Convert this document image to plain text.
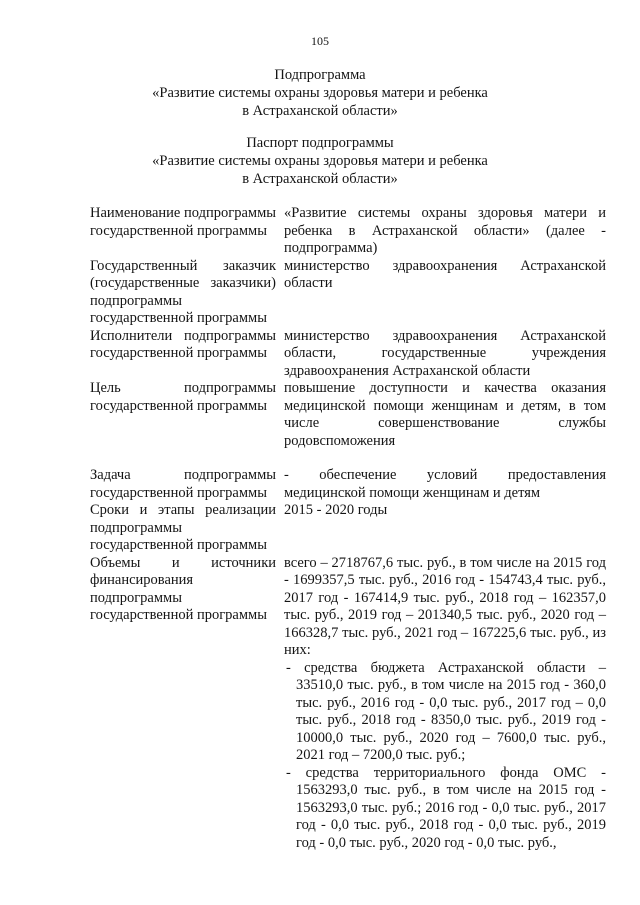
105
Подпрограмма
«Развитие системы охраны здоровья матери и ребенка
в Астраханской области»
Паспорт подпрограммы
«Развитие системы охраны здоровья матери и ребенка
в Астраханской области»
Наименование подпрограммы государственной программы
«Развитие системы охраны здоровья матери и ребенка в Астраханской области» (далее - подпрограмма)
Государственный заказчик (государственные заказчики) подпрограммы государственной программы
министерство здравоохранения Астраханской области
Исполнители подпрограммы государственной программы
министерство здравоохранения Астраханской области, государственные учреждения здравоохранения Астраханской области
Цель подпрограммы государственной программы
повышение доступности и качества оказания медицинской помощи женщинам и детям, в том числе совершенствование службы родовспоможения
Задача подпрограммы государственной программы
- обеспечение условий предоставления медицинской помощи женщинам и детям
Сроки и этапы реализации подпрограммы государственной программы
2015 - 2020 годы
Объемы и источники финансирования подпрограммы государственной программы
всего – 2718767,6 тыс. руб., в том числе на 2015 год - 1699357,5 тыс. руб., 2016 год - 154743,4 тыс. руб., 2017 год - 167414,9 тыс. руб., 2018 год – 162357,0 тыс. руб., 2019 год – 201340,5 тыс. руб., 2020 год – 166328,7 тыс. руб., 2021 год – 167225,6 тыс. руб., из них:
- средства бюджета Астраханской области – 33510,0 тыс. руб., в том числе на 2015 год - 360,0 тыс. руб., 2016 год - 0,0 тыс. руб., 2017 год – 0,0 тыс. руб., 2018 год - 8350,0 тыс. руб., 2019 год - 10000,0 тыс. руб., 2020 год – 7600,0 тыс. руб., 2021 год – 7200,0 тыс. руб.;
- средства территориального фонда ОМС - 1563293,0 тыс. руб., в том числе на 2015 год - 1563293,0 тыс. руб.; 2016 год - 0,0 тыс. руб., 2017 год - 0,0 тыс. руб., 2018 год - 0,0 тыс. руб., 2019 год - 0,0 тыс. руб., 2020 год - 0,0 тыс. руб.,
